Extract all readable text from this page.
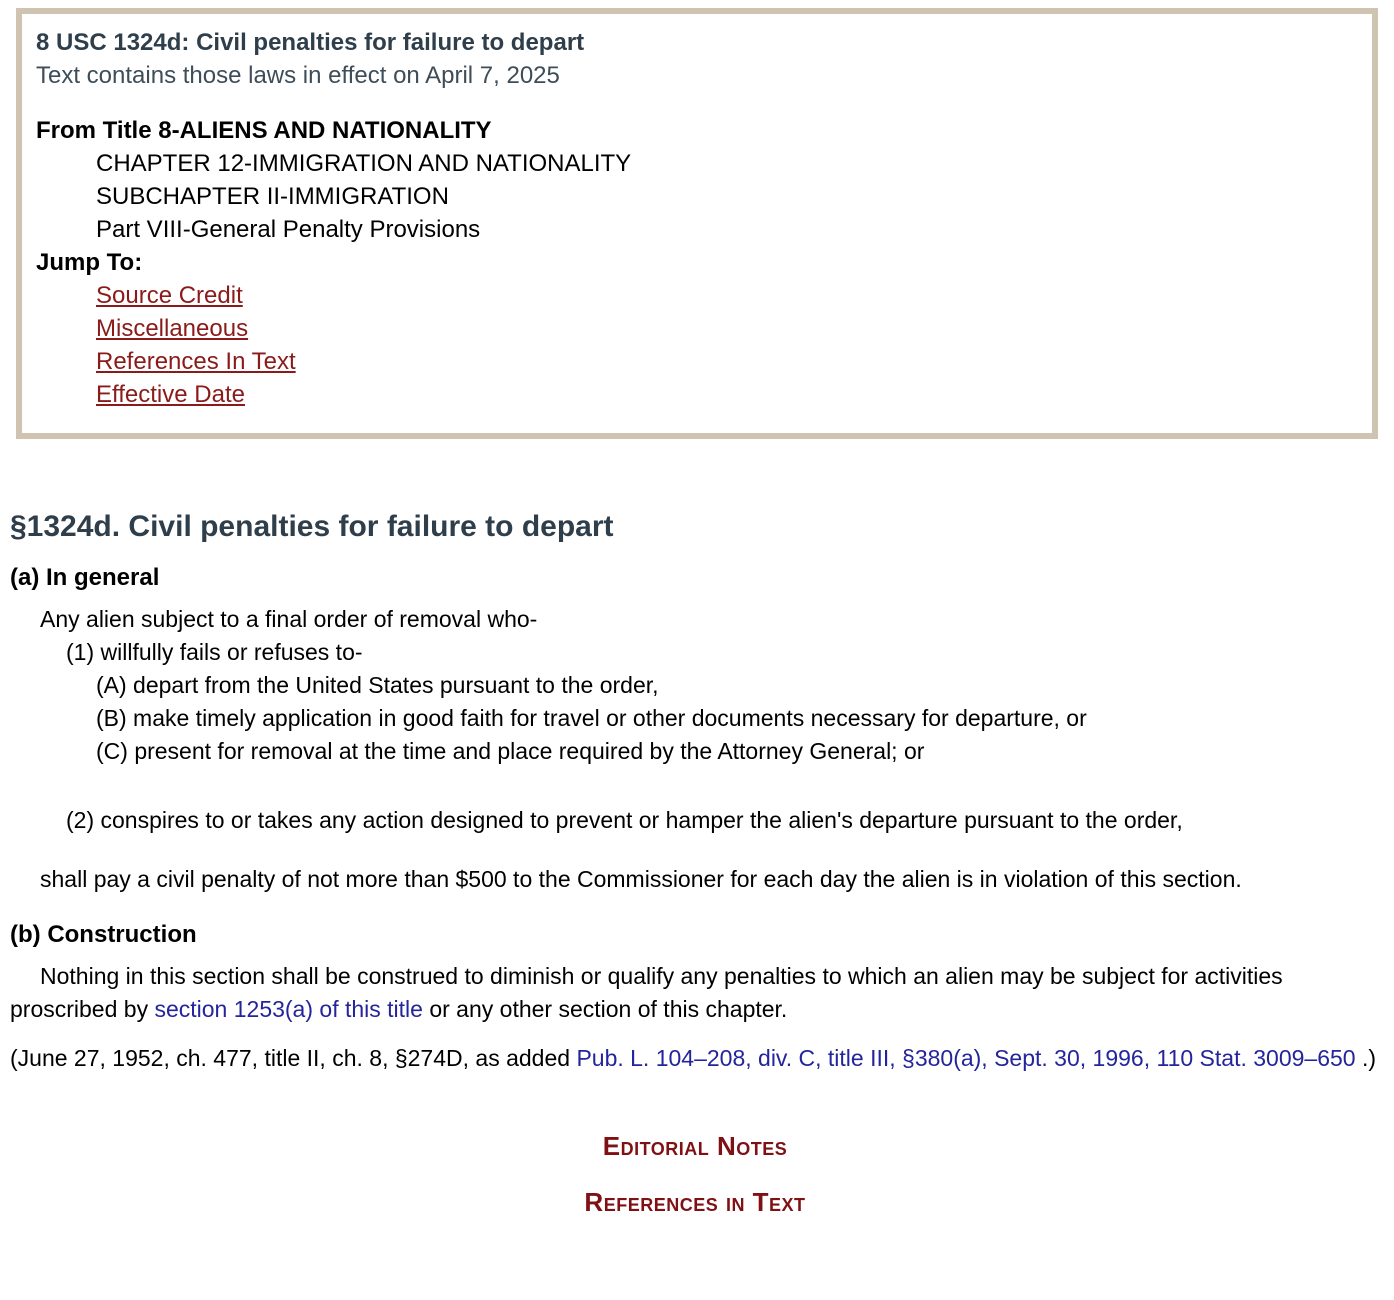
8 USC 1324d: Civil penalties for failure to depart
Text contains those laws in effect on April 7, 2025
From Title 8-ALIENS AND NATIONALITY
CHAPTER 12-IMMIGRATION AND NATIONALITY
SUBCHAPTER II-IMMIGRATION
Part VIII-General Penalty Provisions
Jump To:
Source Credit
Miscellaneous
References In Text
Effective Date
§1324d. Civil penalties for failure to depart
(a) In general

Any alien subject to a final order of removal who-

(1) willfully fails or refuses to-

(A) depart from the United States pursuant to the order,

(B) make timely application in good faith for travel or other documents necessary for departure, or

(C) present for removal at the time and place required by the Attorney General; or

(2) conspires to or takes any action designed to prevent or hamper the alien's departure pursuant to the order,

shall pay a civil penalty of not more than $500 to the Commissioner for each day the alien is in violation of this section.

(b) Construction

Nothing in this section shall be construed to diminish or qualify any penalties to which an alien may be subject for activities proscribed by section 1253(a) of this title or any other section of this chapter.

(June 27, 1952, ch. 477, title II, ch. 8, §274D, as added Pub. L. 104–208, div. C, title III, §380(a), Sept. 30, 1996, 110 Stat. 3009–650 .)

Editorial Notes
References in Text
